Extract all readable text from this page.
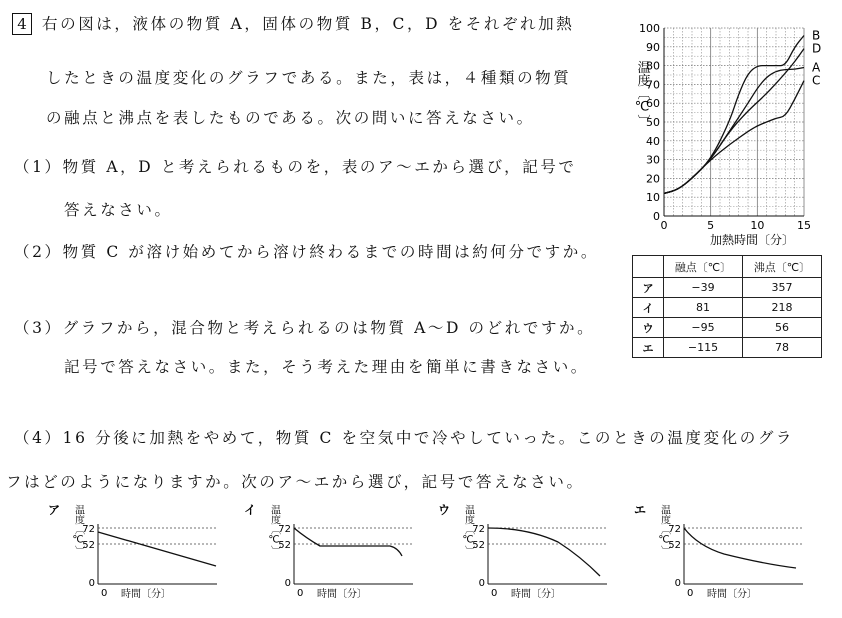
4 右の図は，液体の物質 A，固体の物質 B，C，D をそれぞれ加熱
したときの温度変化のグラフである。また，表は，４種類の物質
の融点と沸点を表したものである。次の問いに答えなさい。
（1）物質 A，D と考えられるものを，表のア～エから選び，記号で
答えなさい。
（2）物質 C が溶け始めてから溶け終わるまでの時間は約何分ですか。
（3）グラフから，混合物と考えられるのは物質 A～D のどれですか。
記号で答えなさい。また，そう考えた理由を簡単に書きなさい。
（4）16 分後に加熱をやめて，物質 C を空気中で冷やしていった。このときの温度変化のグラ
フはどのようになりますか。次のア～エから選び，記号で答えなさい。
0
10
20
30
40
50
60
70
80
90
100
0	5	10	15
B
D
A
C
温度〔℃〕
加熱時間〔分〕
	融点〔℃〕	沸点〔℃〕
ア	−39	357
イ	81	218
ウ	−95	56
エ	−115	78
ア
72
52
0
0
温度〔℃〕
時間〔分〕
イ
72
52
0
0
温度〔℃〕
時間〔分〕
ウ
72
52
0
0
温度〔℃〕
時間〔分〕
エ
72
52
0
0
温度〔℃〕
時間〔分〕
